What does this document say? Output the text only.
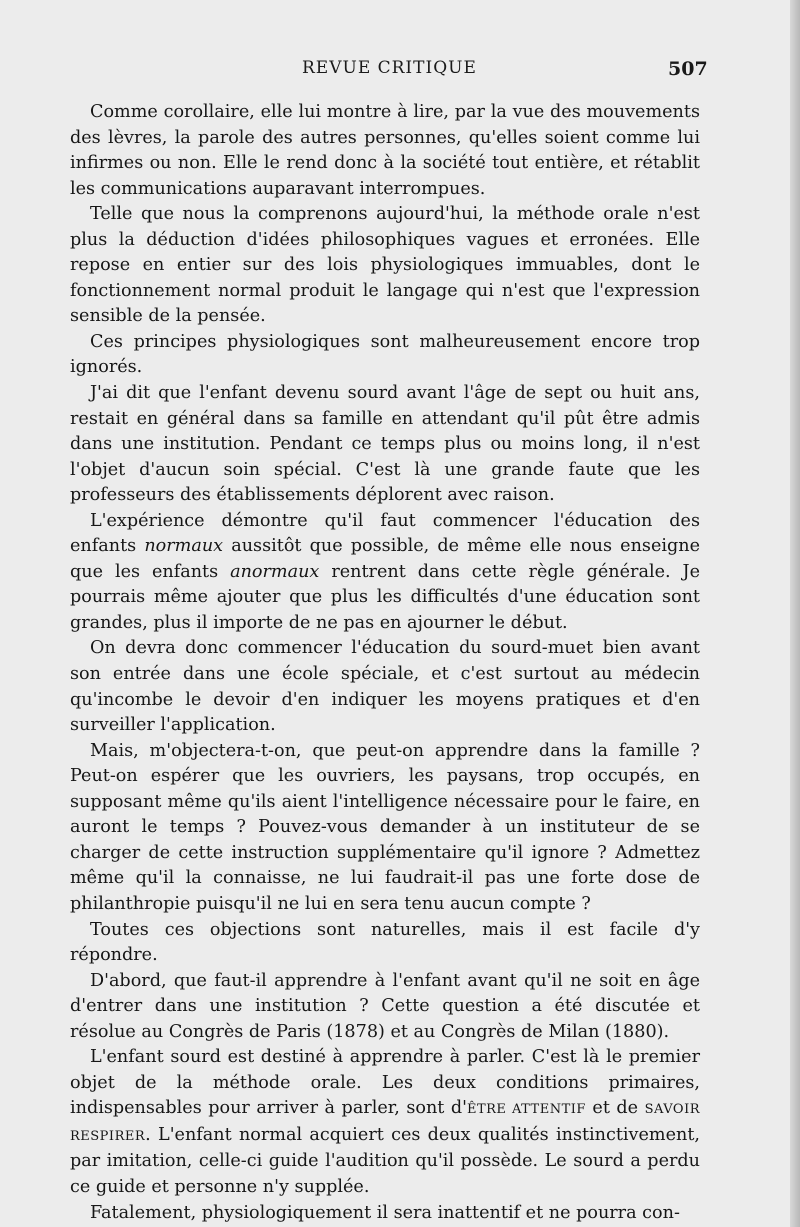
REVUE CRITIQUE	507

Comme corollaire, elle lui montre à lire, par la vue des mouvements des lèvres, la parole des autres personnes, qu'elles soient comme lui infirmes ou non. Elle le rend donc à la société tout entière, et rétablit les communications auparavant interrompues.

Telle que nous la comprenons aujourd'hui, la méthode orale n'est plus la déduction d'idées philosophiques vagues et erronées. Elle repose en entier sur des lois physiologiques immuables, dont le fonctionnement normal produit le langage qui n'est que l'expression sensible de la pensée.

Ces principes physiologiques sont malheureusement encore trop ignorés.

J'ai dit que l'enfant devenu sourd avant l'âge de sept ou huit ans, restait en général dans sa famille en attendant qu'il pût être admis dans une institution. Pendant ce temps plus ou moins long, il n'est l'objet d'aucun soin spécial. C'est là une grande faute que les professeurs des établissements déplorent avec raison.

L'expérience démontre qu'il faut commencer l'éducation des enfants normaux aussitôt que possible, de même elle nous enseigne que les enfants anormaux rentrent dans cette règle générale. Je pourrais même ajouter que plus les difficultés d'une éducation sont grandes, plus il importe de ne pas en ajourner le début.

On devra donc commencer l'éducation du sourd-muet bien avant son entrée dans une école spéciale, et c'est surtout au médecin qu'incombe le devoir d'en indiquer les moyens pratiques et d'en surveiller l'application.

Mais, m'objectera-t-on, que peut-on apprendre dans la famille ? Peut-on espérer que les ouvriers, les paysans, trop occupés, en supposant même qu'ils aient l'intelligence nécessaire pour le faire, en auront le temps ? Pouvez-vous demander à un instituteur de se charger de cette instruction supplémentaire qu'il ignore ? Admettez même qu'il la connaisse, ne lui faudrait-il pas une forte dose de philanthropie puisqu'il ne lui en sera tenu aucun compte ?

Toutes ces objections sont naturelles, mais il est facile d'y répondre.

D'abord, que faut-il apprendre à l'enfant avant qu'il ne soit en âge d'entrer dans une institution ? Cette question a été discutée et résolue au Congrès de Paris (1878) et au Congrès de Milan (1880).

L'enfant sourd est destiné à apprendre à parler. C'est là le premier objet de la méthode orale. Les deux conditions primaires, indispensables pour arriver à parler, sont d'ÊTRE ATTENTIF et de SAVOIR RESPIRER. L'enfant normal acquiert ces deux qualités instinctivement, par imitation, celle-ci guide l'audition qu'il possède. Le sourd a perdu ce guide et personne n'y supplée.

Fatalement, physiologiquement il sera inattentif et ne pourra con-
